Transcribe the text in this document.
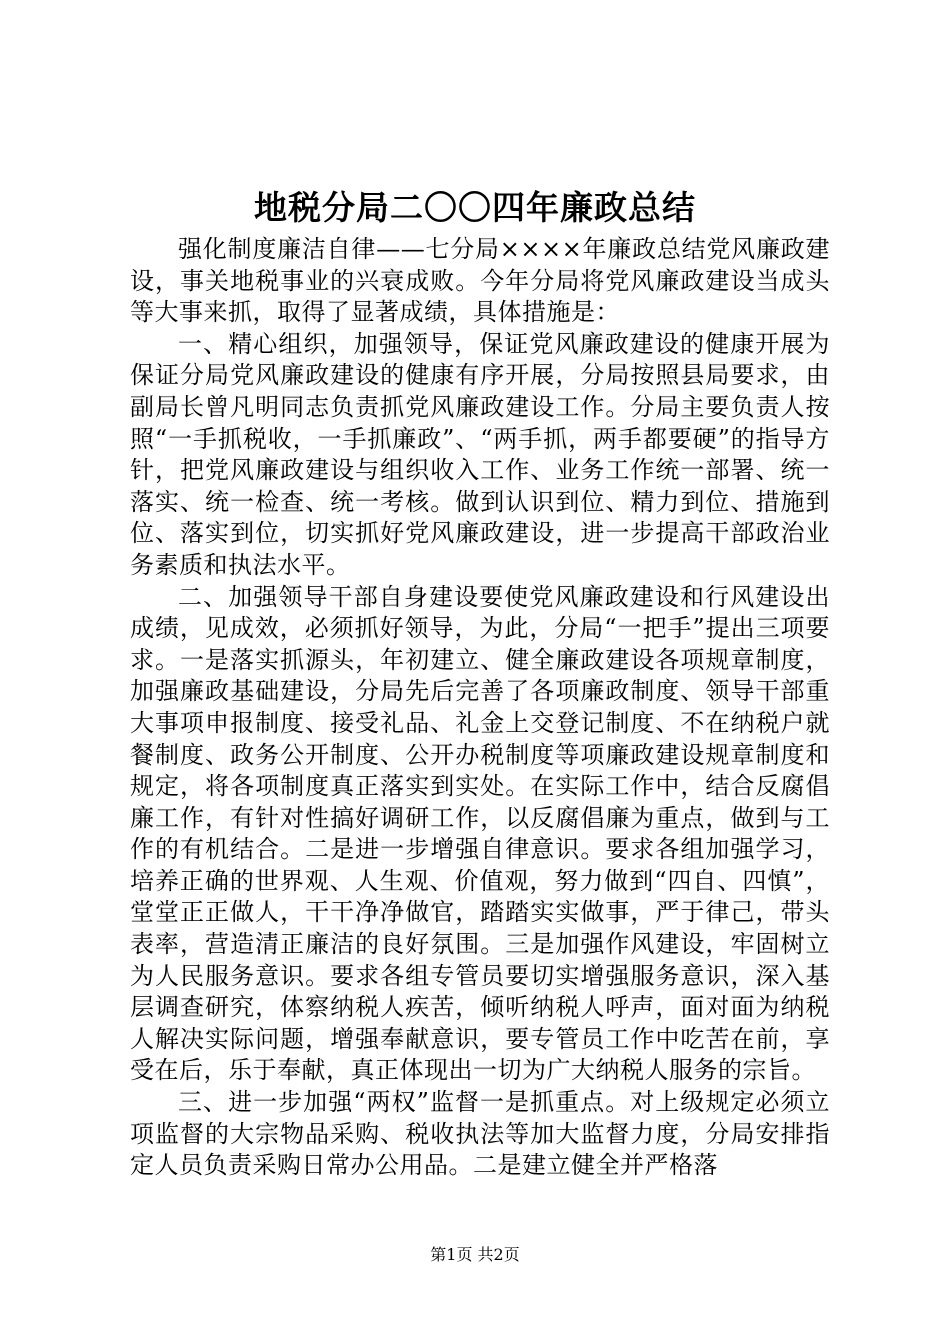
地税分局二〇〇四年廉政总结

强化制度廉洁自律——七分局××××年廉政总结党风廉政建设，事关地税事业的兴衰成败。今年分局将党风廉政建设当成头等大事来抓，取得了显著成绩，具体措施是：

一、精心组织，加强领导，保证党风廉政建设的健康开展为保证分局党风廉政建设的健康有序开展，分局按照县局要求，由副局长曾凡明同志负责抓党风廉政建设工作。分局主要负责人按照“一手抓税收，一手抓廉政”、“两手抓，两手都要硬”的指导方针，把党风廉政建设与组织收入工作、业务工作统一部署、统一落实、统一检查、统一考核。做到认识到位、精力到位、措施到位、落实到位，切实抓好党风廉政建设，进一步提高干部政治业务素质和执法水平。

二、加强领导干部自身建设要使党风廉政建设和行风建设出成绩，见成效，必须抓好领导，为此，分局“一把手”提出三项要求。一是落实抓源头，年初建立、健全廉政建设各项规章制度，加强廉政基础建设，分局先后完善了各项廉政制度、领导干部重大事项申报制度、接受礼品、礼金上交登记制度、不在纳税户就餐制度、政务公开制度、公开办税制度等项廉政建设规章制度和规定，将各项制度真正落实到实处。在实际工作中，结合反腐倡廉工作，有针对性搞好调研工作，以反腐倡廉为重点，做到与工作的有机结合。二是进一步增强自律意识。要求各组加强学习，培养正确的世界观、人生观、价值观，努力做到“四自、四慎”，堂堂正正做人，干干净净做官，踏踏实实做事，严于律己，带头表率，营造清正廉洁的良好氛围。三是加强作风建设，牢固树立为人民服务意识。要求各组专管员要切实增强服务意识，深入基层调查研究，体察纳税人疾苦，倾听纳税人呼声，面对面为纳税人解决实际问题，增强奉献意识，要专管员工作中吃苦在前，享受在后，乐于奉献，真正体现出一切为广大纳税人服务的宗旨。

三、进一步加强“两权”监督一是抓重点。对上级规定必须立项监督的大宗物品采购、税收执法等加大监督力度，分局安排指定人员负责采购日常办公用品。二是建立健全并严格落

第1页 共2页
